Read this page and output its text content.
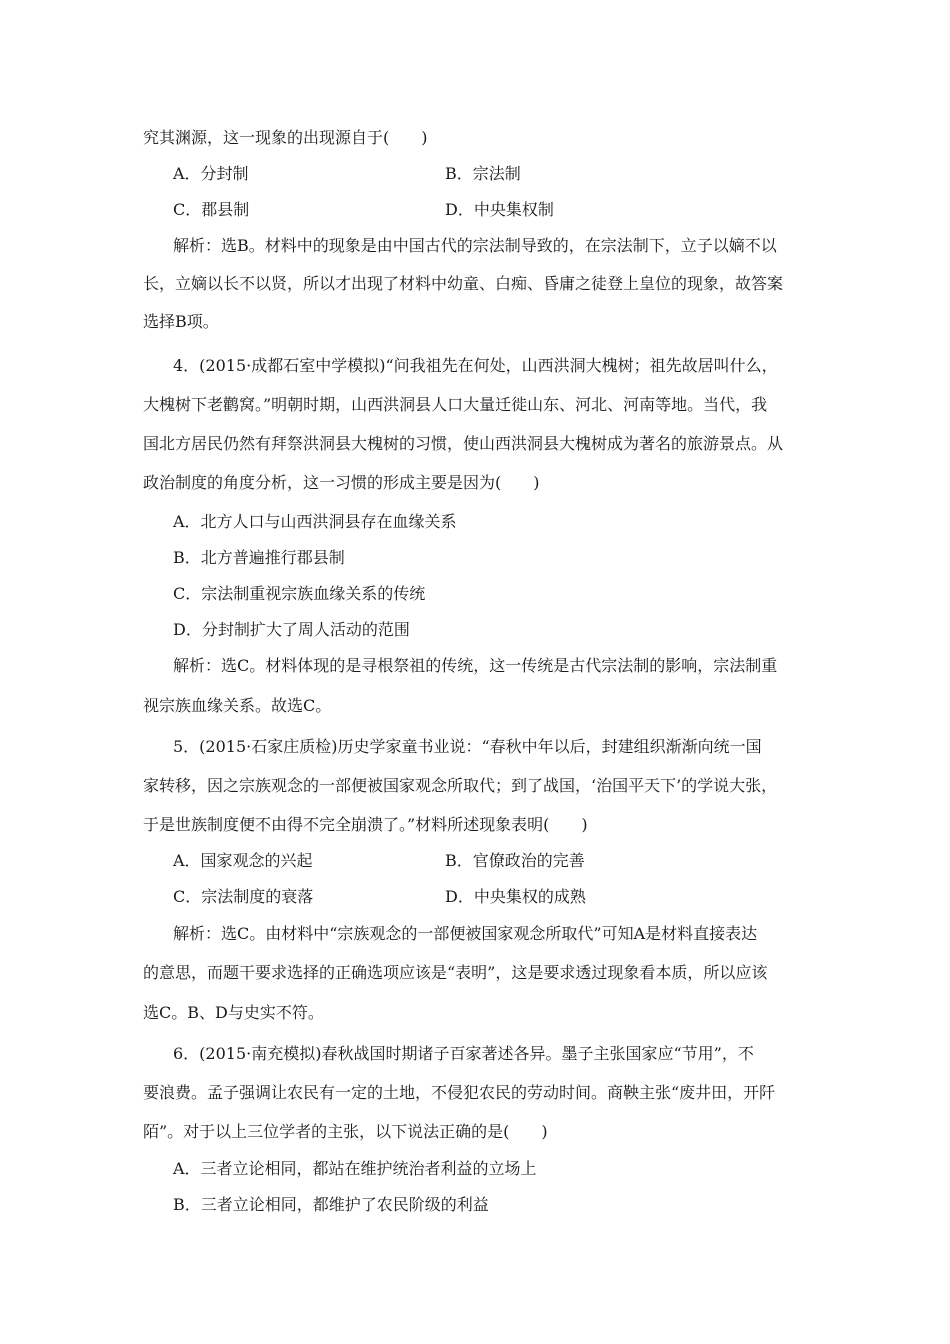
究其渊源，这一现象的出现源自于(　　)
A．分封制	B．宗法制
C．郡县制	D．中央集权制
解析：选B。材料中的现象是由中国古代的宗法制导致的，在宗法制下，立子以嫡不以
长，立嫡以长不以贤，所以才出现了材料中幼童、白痴、昏庸之徒登上皇位的现象，故答案
选择B项。
4．(2015·成都石室中学模拟)“问我祖先在何处，山西洪洞大槐树；祖先故居叫什么，
大槐树下老鹳窝。”明朝时期，山西洪洞县人口大量迁徙山东、河北、河南等地。当代，我
国北方居民仍然有拜祭洪洞县大槐树的习惯，使山西洪洞县大槐树成为著名的旅游景点。从
政治制度的角度分析，这一习惯的形成主要是因为(　　)
A．北方人口与山西洪洞县存在血缘关系
B．北方普遍推行郡县制
C．宗法制重视宗族血缘关系的传统
D．分封制扩大了周人活动的范围
解析：选C。材料体现的是寻根祭祖的传统，这一传统是古代宗法制的影响，宗法制重
视宗族血缘关系。故选C。
5．(2015·石家庄质检)历史学家童书业说：“春秋中年以后，封建组织渐渐向统一国
家转移，因之宗族观念的一部便被国家观念所取代；到了战国，‘治国平天下’的学说大张，
于是世族制度便不由得不完全崩溃了。”材料所述现象表明(　　)
A．国家观念的兴起	B．官僚政治的完善
C．宗法制度的衰落	D．中央集权的成熟
解析：选C。由材料中“宗族观念的一部便被国家观念所取代”可知A是材料直接表达
的意思，而题干要求选择的正确选项应该是“表明”，这是要求透过现象看本质，所以应该
选C。B、D与史实不符。
6．(2015·南充模拟)春秋战国时期诸子百家著述各异。墨子主张国家应“节用”，不
要浪费。孟子强调让农民有一定的土地，不侵犯农民的劳动时间。商鞅主张“废井田，开阡
陌”。对于以上三位学者的主张，以下说法正确的是(　　)
A．三者立论相同，都站在维护统治者利益的立场上
B．三者立论相同，都维护了农民阶级的利益
